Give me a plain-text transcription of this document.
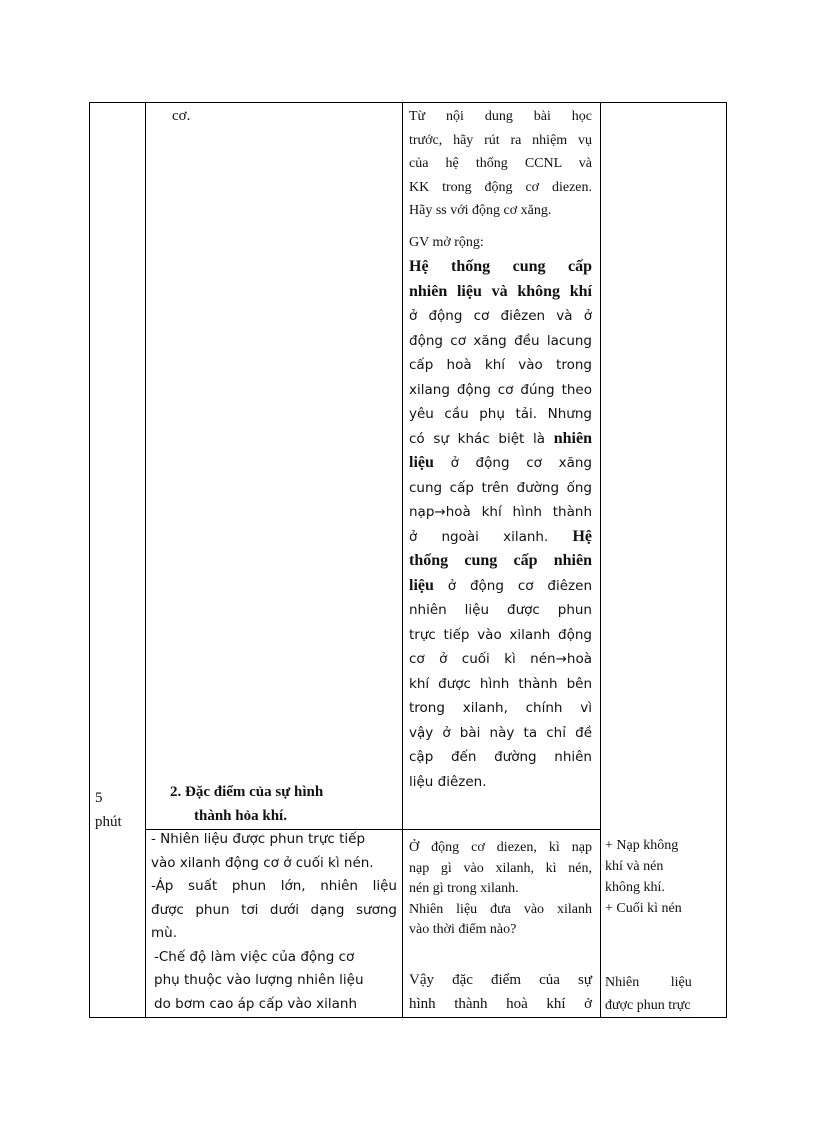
5
phút
cơ.
2. Đặc điểm của sự hình
thành hỏa khí.
- Nhiên liệu được phun trực tiếp
vào xilanh động cơ ở cuối kì nén.
-Áp suất phun lớn, nhiên liệu
được phun tơi dưới dạng sương
mù.
-Chế độ làm việc của động cơ
phụ thuộc vào lượng nhiên liệu
do bơm cao áp cấp vào xilanh
Từ nội dung bài học
trước, hãy rút ra nhiệm vụ
của hệ thống CCNL và
KK trong động cơ diezen.
Hãy ss với động cơ xăng.
GV mở rộng:
Hệ thống cung cấp
nhiên liệu và không khí
ở động cơ điêzen và ở
động cơ xăng đều lacung
cấp hoà khí vào trong
xilang động cơ đúng theo
yêu cầu phụ tải. Nhưng
có sự khác biệt là nhiên
liệu ở động cơ xăng
cung cấp trên đường ống
nạp→hoà khí hình thành
ở ngoài xilanh. Hệ
thống cung cấp nhiên
liệu ở động cơ điêzen
nhiên liệu được phun
trực tiếp vào xilanh động
cơ ở cuối kì nén→hoà
khí được hình thành bên
trong xilanh, chính vì
vậy ở bài này ta chỉ đề
cập đến đường nhiên
liệu điêzen.
Ở động cơ diezen, kì nạp
nạp gì vào xilanh, kì nén,
nén gì trong xilanh.
Nhiên liệu đưa vào xilanh
vào thời điểm nào?
Vậy đặc điểm của sự
hình thành hoà khí ở
+ Nạp không
khí và nén
không khí.
+ Cuối kì nén
Nhiên         liệu
được phun trực
